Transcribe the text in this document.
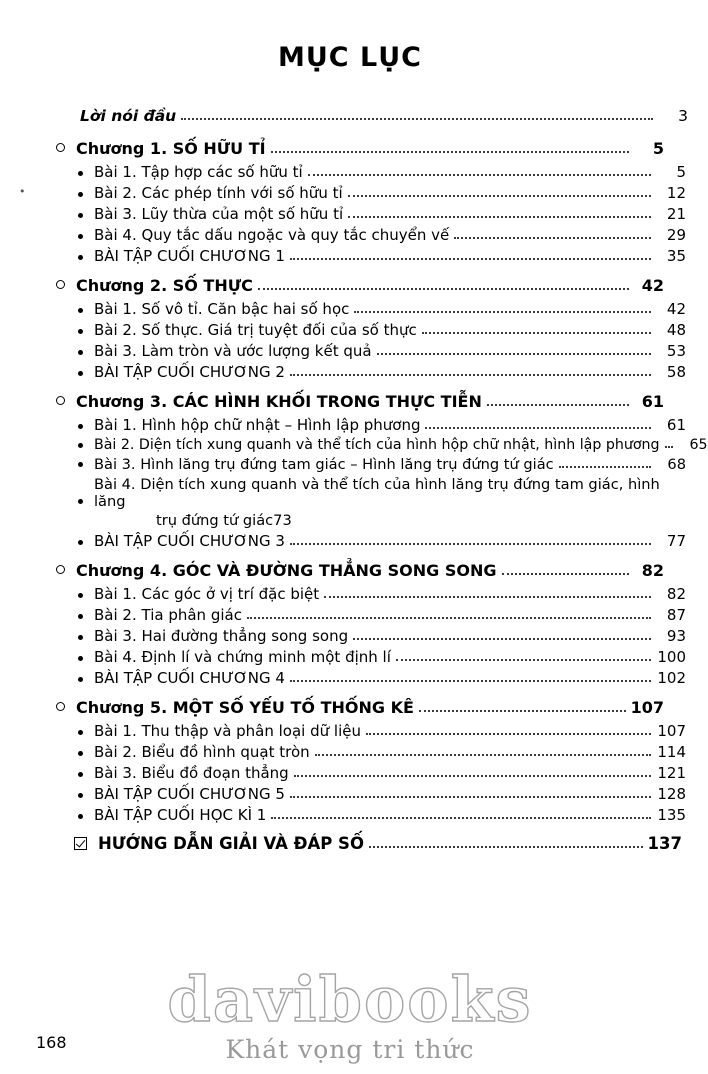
MỤC LỤC
•
Lời nói đầu	3
Chương 1. SỐ HỮU TỈ	5
Bài 1. Tập hợp các số hữu tỉ	5
Bài 2. Các phép tính với số hữu tỉ	12
Bài 3. Lũy thừa của một số hữu tỉ	21
Bài 4. Quy tắc dấu ngoặc và quy tắc chuyển vế	29
BÀI TẬP CUỐI CHƯƠNG 1	35
Chương 2. SỐ THỰC	42
Bài 1. Số vô tỉ. Căn bậc hai số học	42
Bài 2. Số thực. Giá trị tuyệt đối của số thực	48
Bài 3. Làm tròn và ước lượng kết quả	53
BÀI TẬP CUỐI CHƯƠNG 2	58
Chương 3. CÁC HÌNH KHỐI TRONG THỰC TIỄN	61
Bài 1. Hình hộp chữ nhật – Hình lập phương	61
Bài 2. Diện tích xung quanh và thể tích của hình hộp chữ nhật, hình lập phương	65
Bài 3. Hình lăng trụ đứng tam giác – Hình lăng trụ đứng tứ giác	68
Bài 4. Diện tích xung quanh và thể tích của hình lăng trụ đứng tam giác, hình lăng
trụ đứng tứ giác 73
BÀI TẬP CUỐI CHƯƠNG 3	77
Chương 4. GÓC VÀ ĐƯỜNG THẲNG SONG SONG	82
Bài 1. Các góc ở vị trí đặc biệt	82
Bài 2. Tia phân giác	87
Bài 3. Hai đường thẳng song song	93
Bài 4. Định lí và chứng minh một định lí	100
BÀI TẬP CUỐI CHƯƠNG 4	102
Chương 5. MỘT SỐ YẾU TỐ THỐNG KÊ	107
Bài 1. Thu thập và phân loại dữ liệu	107
Bài 2. Biểu đồ hình quạt tròn	114
Bài 3. Biểu đồ đoạn thẳng	121
BÀI TẬP CUỐI CHƯƠNG 5	128
BÀI TẬP CUỐI HỌC KÌ 1	135
HƯỚNG DẪN GIẢI VÀ ĐÁP SỐ	137
168
davibooks
Khát vọng tri thức
